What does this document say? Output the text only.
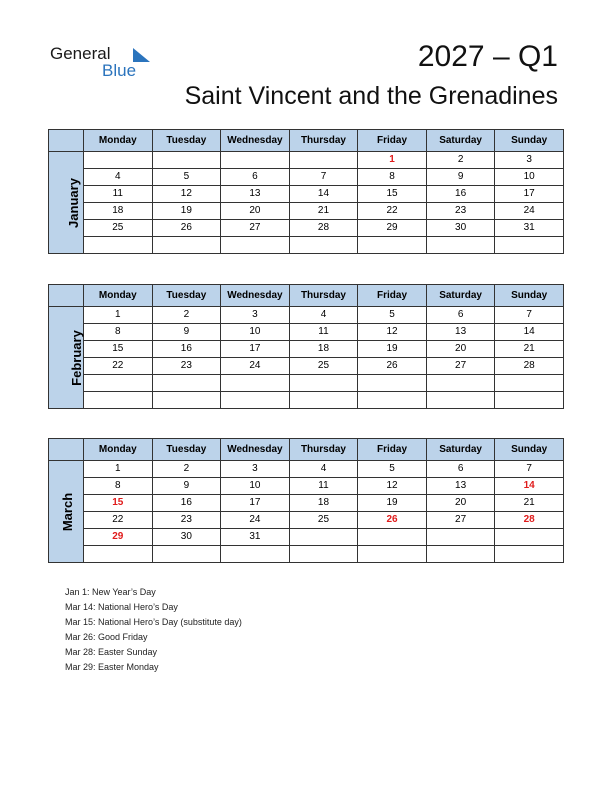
General
Blue	2027 – Q1
Saint Vincent and the Grenadines
	Monday	Tuesday	Wednesday	Thursday	Friday	Saturday	Sunday
January					1	2	3
	4	5	6	7	8	9	10
	11	12	13	14	15	16	17
	18	19	20	21	22	23	24
	25	26	27	28	29	30	31

	Monday	Tuesday	Wednesday	Thursday	Friday	Saturday	Sunday
February	1	2	3	4	5	6	7
	8	9	10	11	12	13	14
	15	16	17	18	19	20	21
	22	23	24	25	26	27	28

	Monday	Tuesday	Wednesday	Thursday	Friday	Saturday	Sunday
March	1	2	3	4	5	6	7
	8	9	10	11	12	13	14
	15	16	17	18	19	20	21
	22	23	24	25	26	27	28
	29	30	31				

Jan 1: New Year’s Day
Mar 14: National Hero’s Day
Mar 15: National Hero’s Day (substitute day)
Mar 26: Good Friday
Mar 28: Easter Sunday
Mar 29: Easter Monday
